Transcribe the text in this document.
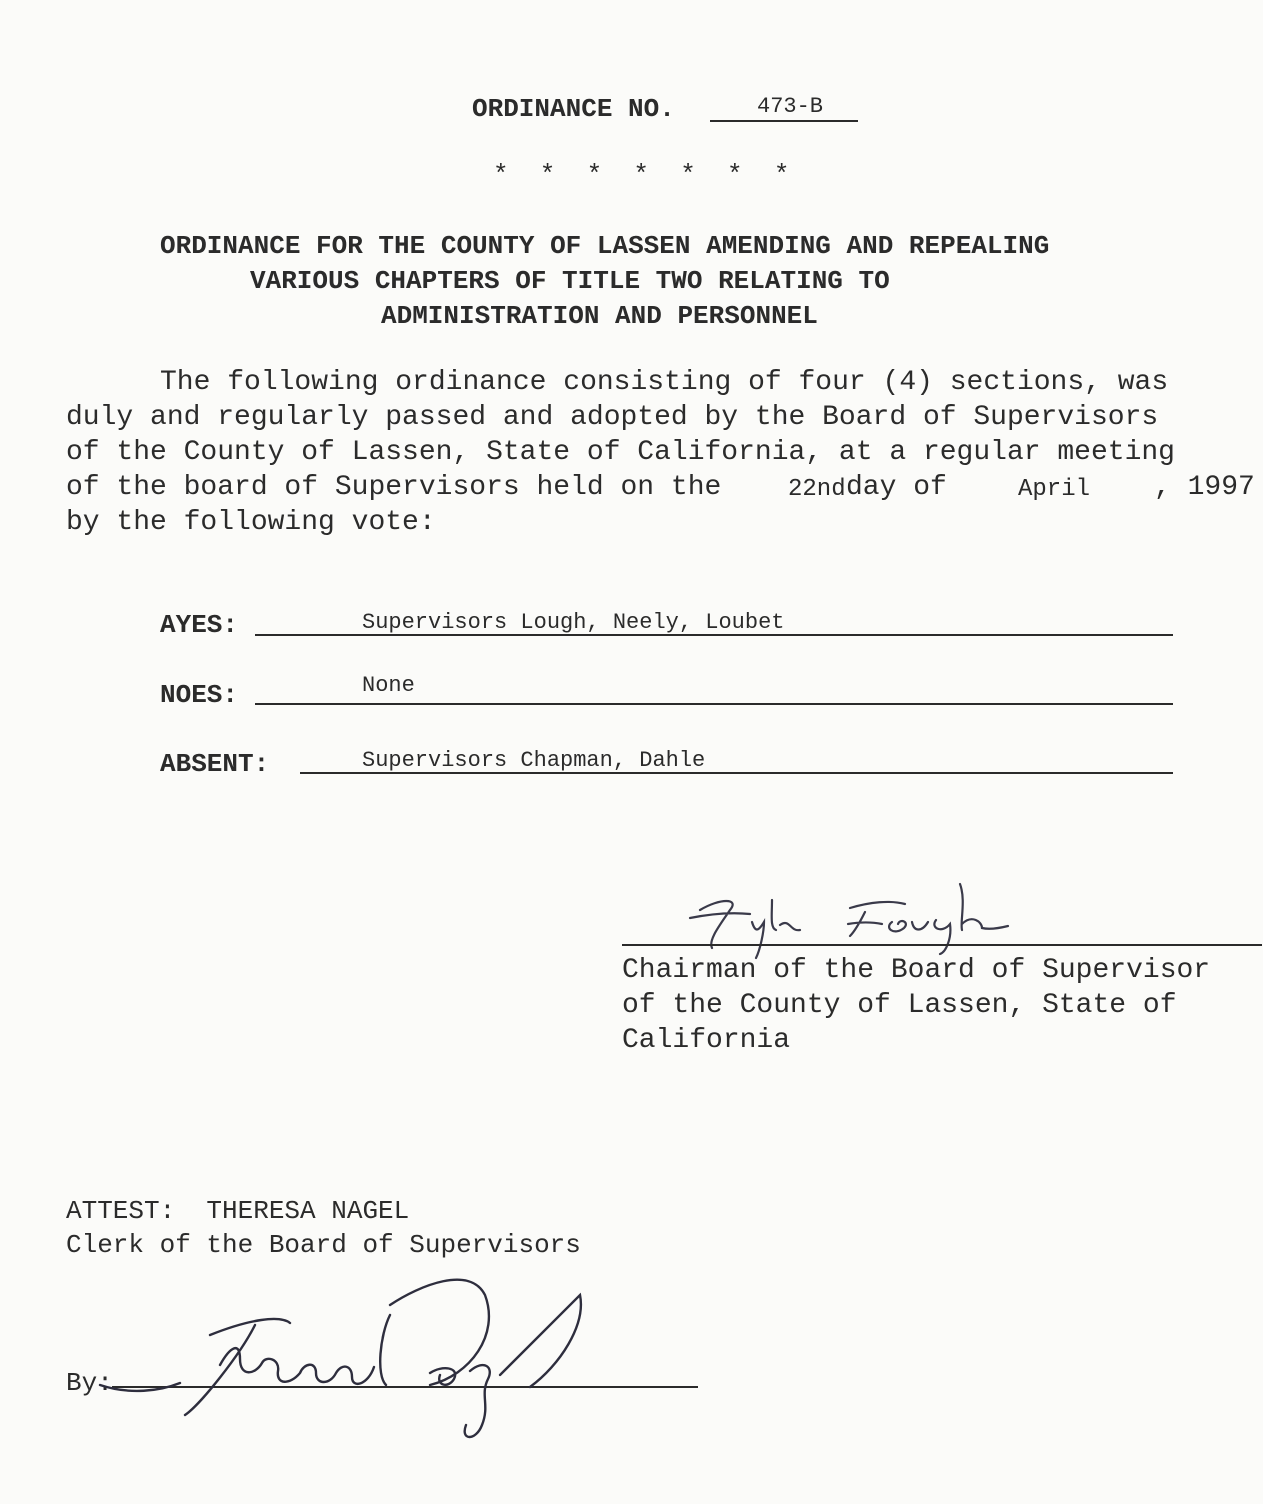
ORDINANCE NO.	473-B
*  *  *  *  *  *  *
ORDINANCE FOR THE COUNTY OF LASSEN AMENDING AND REPEALING
VARIOUS CHAPTERS OF TITLE TWO RELATING TO
ADMINISTRATION AND PERSONNEL
The following ordinance consisting of four (4) sections, was
duly and regularly passed and adopted by the Board of Supervisors
of the County of Lassen, State of California, at a regular meeting
of the board of Supervisors held on the	22nd day of	April , 1997
by the following vote:
AYES:	Supervisors Lough, Neely, Loubet
NOES:	None
ABSENT:	Supervisors Chapman, Dahle
Chairman of the Board of Supervisor
of the County of Lassen, State of
California
ATTEST:  THERESA NAGEL
Clerk of the Board of Supervisors
By:
